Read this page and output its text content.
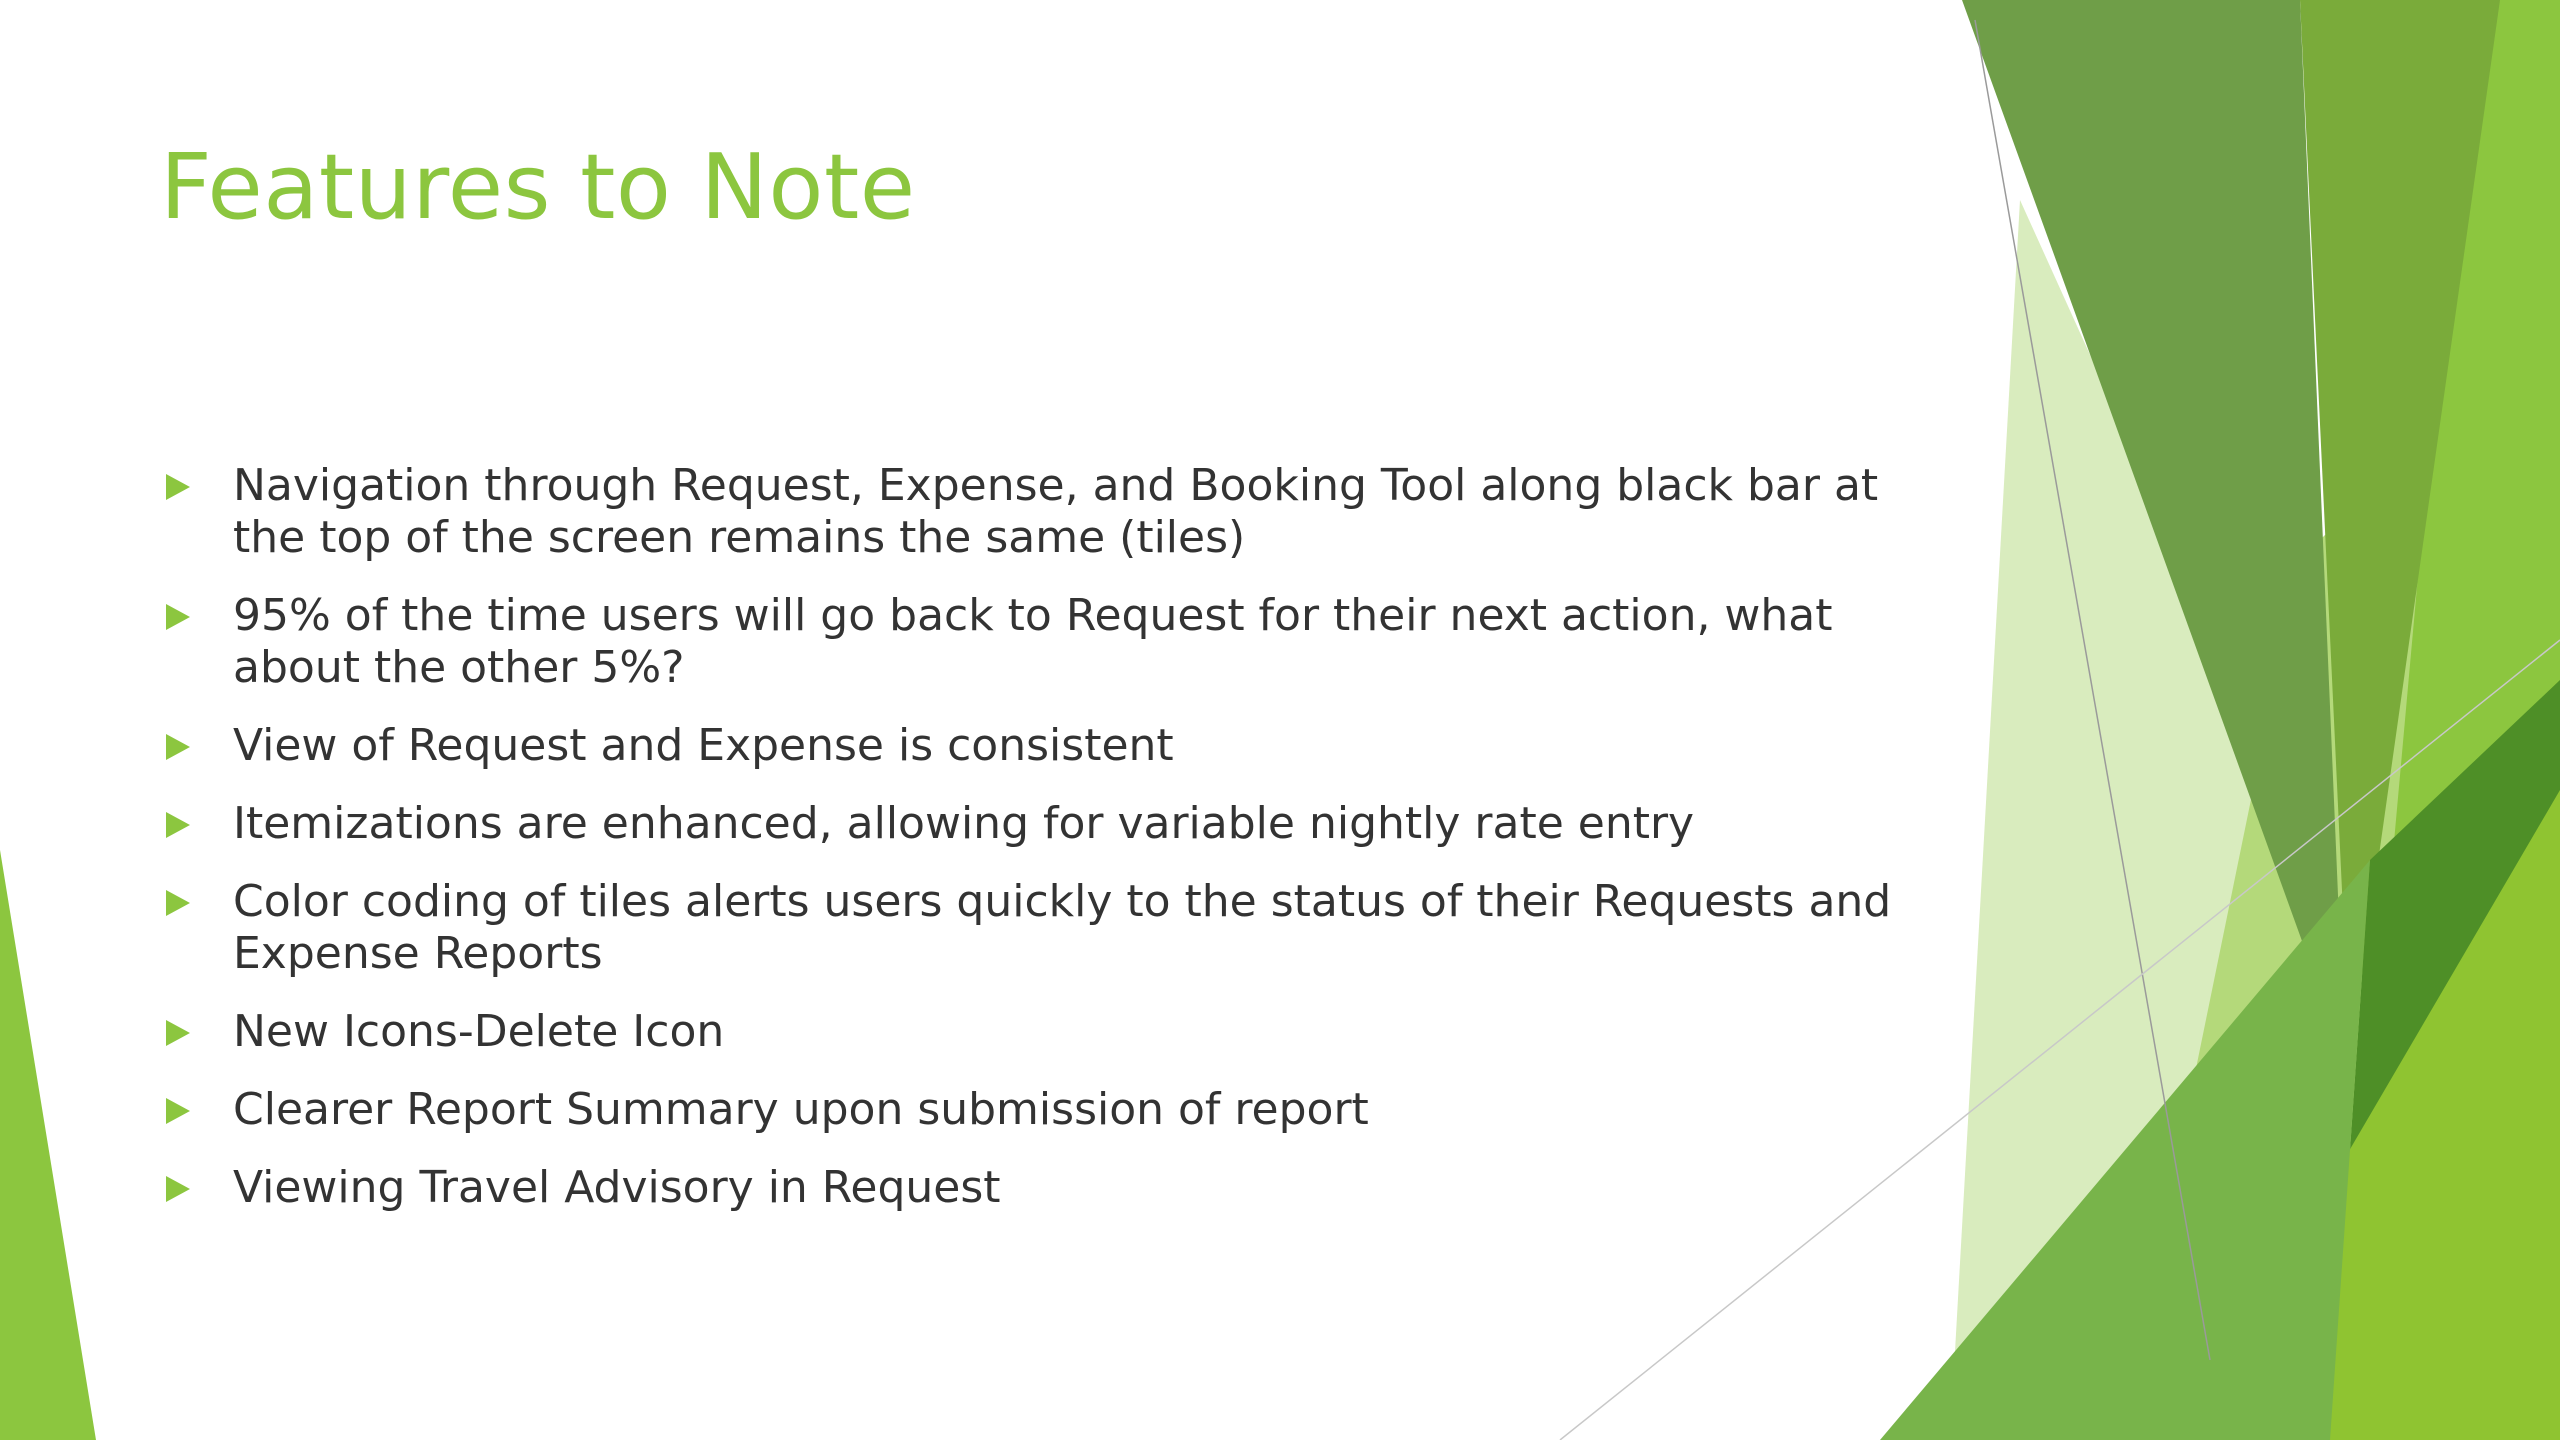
Features to Note
Navigation through Request, Expense, and Booking Tool along black bar at the top of the screen remains the same (tiles)
95% of the time users will go back to Request for their next action, what about the other 5%?
View of Request and Expense is consistent
Itemizations are enhanced, allowing for variable nightly rate entry
Color coding of tiles alerts users quickly to the status of their Requests and Expense Reports
New Icons-Delete Icon
Clearer Report Summary upon submission of report
Viewing Travel Advisory in Request
